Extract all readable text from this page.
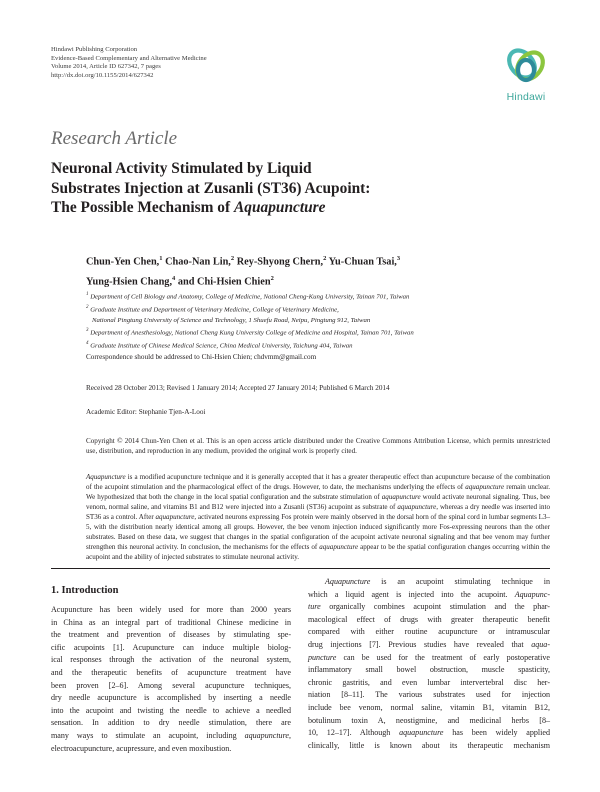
Hindawi Publishing Corporation
Evidence-Based Complementary and Alternative Medicine
Volume 2014, Article ID 627342, 7 pages
http://dx.doi.org/10.1155/2014/627342
Hindawi
Research Article
Neuronal Activity Stimulated by Liquid
Substrates Injection at Zusanli (ST36) Acupoint:
The Possible Mechanism of Aquapuncture
Chun-Yen Chen,$^1$ Chao-Nan Lin,$^2$ Rey-Shyong Chern,$^2$ Yu-Chuan Tsai,$^3$
Yung-Hsien Chang,$^4$ and Chi-Hsien Chien$^2$
$^1$ Department of Cell Biology and Anatomy, College of Medicine, National Cheng-Kung University, Tainan 701, Taiwan
$^2$ Graduate Institute and Department of Veterinary Medicine, College of Veterinary Medicine,
National Pingtung University of Science and Technology, 1 Shuefu Road, Neipu, Pingtung 912, Taiwan
$^3$ Department of Anesthesiology, National Cheng Kung University College of Medicine and Hospital, Tainan 701, Taiwan
$^4$ Graduate Institute of Chinese Medical Science, China Medical University, Taichung 404, Taiwan
Correspondence should be addressed to Chi-Hsien Chien; chdvmm@gmail.com
Received 28 October 2013; Revised 1 January 2014; Accepted 27 January 2014; Published 6 March 2014
Academic Editor: Stephanie Tjen-A-Looi
Copyright © 2014 Chun-Yen Chen et al. This is an open access article distributed under the Creative Commons Attribution License, which permits unrestricted use, distribution, and reproduction in any medium, provided the original work is properly cited.
Aquapuncture is a modified acupuncture technique and it is generally accepted that it has a greater therapeutic effect than acupuncture because of the combination of the acupoint stimulation and the pharmacological effect of the drugs. However, to date, the mechanisms underlying the effects of aquapuncture remain unclear. We hypothesized that both the change in the local spatial configuration and the substrate stimulation of aquapuncture would activate neuronal signaling. Thus, bee venom, normal saline, and vitamins B1 and B12 were injected into a Zusanli (ST36) acupoint as substrate of aquapuncture, whereas a dry needle was inserted into ST36 as a control. After aquapuncture, activated neurons expressing Fos protein were mainly observed in the dorsal horn of the spinal cord in lumbar segments L3–5, with the distribution nearly identical among all groups. However, the bee venom injection induced significantly more Fos-expressing neurons than the other substrates. Based on these data, we suggest that changes in the spatial configuration of the acupoint activate neuronal signaling and that bee venom may further strengthen this neuronal activity. In conclusion, the mechanisms for the effects of aquapuncture appear to be the spatial configuration changes occurring within the acupoint and the ability of injected substrates to stimulate neuronal activity.
1. Introduction
Acupuncture has been widely used for more than 2000 years
in China as an integral part of traditional Chinese medicine in
the treatment and prevention of diseases by stimulating spe-
cific acupoints [1]. Acupuncture can induce multiple biolog-
ical responses through the activation of the neuronal system,
and the therapeutic benefits of acupuncture treatment have
been proven [2–6]. Among several acupuncture techniques,
dry needle acupuncture is accomplished by inserting a needle
into the acupoint and twisting the needle to achieve a needled
sensation. In addition to dry needle stimulation, there are
many ways to stimulate an acupoint, including aquapuncture,
electroacupuncture, acupressure, and even moxibustion.
Aquapuncture is an acupoint stimulating technique in
which a liquid agent is injected into the acupoint. Aquapunc-
ture organically combines acupoint stimulation and the phar-
macological effect of drugs with greater therapeutic benefit
compared with either routine acupuncture or intramuscular
drug injections [7]. Previous studies have revealed that aqua-
puncture can be used for the treatment of early postoperative
inflammatory small bowel obstruction, muscle spasticity,
chronic gastritis, and even lumbar intervertebral disc her-
niation [8–11]. The various substrates used for injection
include bee venom, normal saline, vitamin B1, vitamin B12,
botulinum toxin A, neostigmine, and medicinal herbs [8–
10, 12–17]. Although aquapuncture has been widely applied
clinically, little is known about its therapeutic mechanism
